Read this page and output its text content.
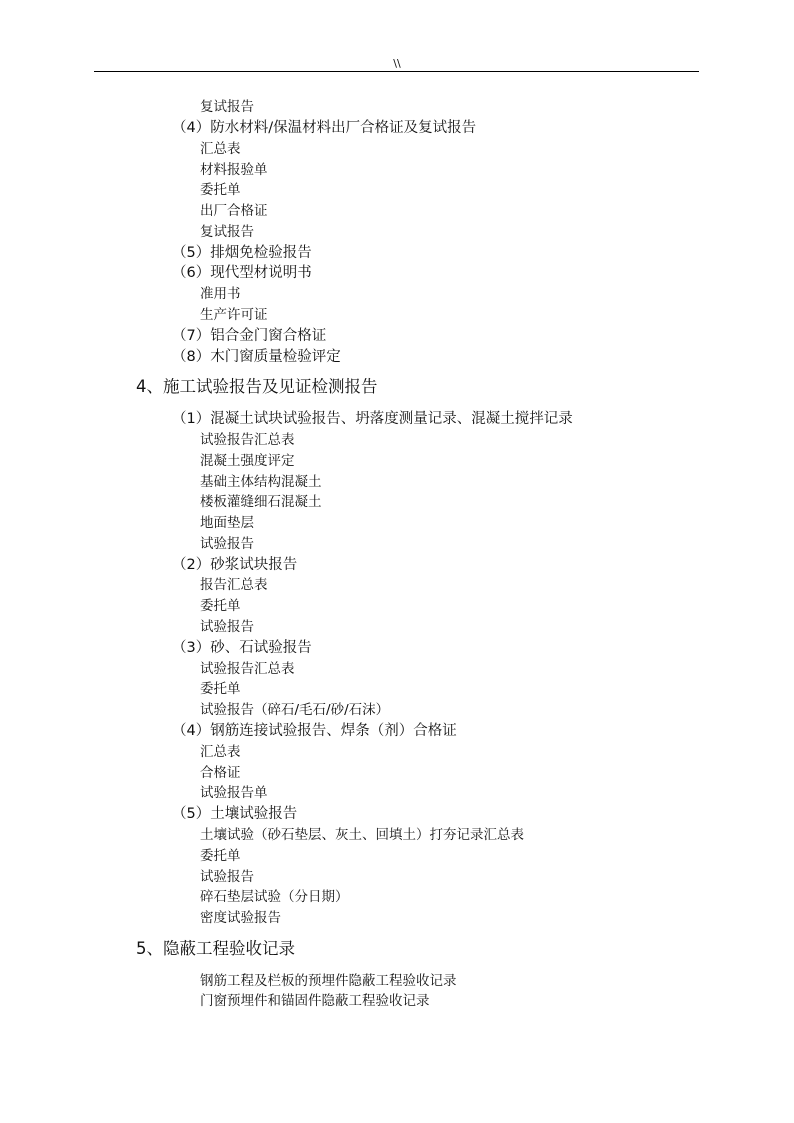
\\
复试报告
（4）防水材料/保温材料出厂合格证及复试报告
汇总表
材料报验单
委托单
出厂合格证
复试报告
（5）排烟免检验报告
（6）现代型材说明书
准用书
生产许可证
（7）铝合金门窗合格证
（8）木门窗质量检验评定
4、施工试验报告及见证检测报告
（1）混凝土试块试验报告、坍落度测量记录、混凝土搅拌记录
试验报告汇总表
混凝土强度评定
基础主体结构混凝土
楼板灌缝细石混凝土
地面垫层
试验报告
（2）砂浆试块报告
报告汇总表
委托单
试验报告
（3）砂、石试验报告
试验报告汇总表
委托单
试验报告（碎石/毛石/砂/石沫）
（4）钢筋连接试验报告、焊条（剂）合格证
汇总表
合格证
试验报告单
（5）土壤试验报告
土壤试验（砂石垫层、灰土、回填土）打夯记录汇总表
委托单
试验报告
碎石垫层试验（分日期）
密度试验报告
5、隐蔽工程验收记录
钢筋工程及栏板的预埋件隐蔽工程验收记录
门窗预埋件和锚固件隐蔽工程验收记录
